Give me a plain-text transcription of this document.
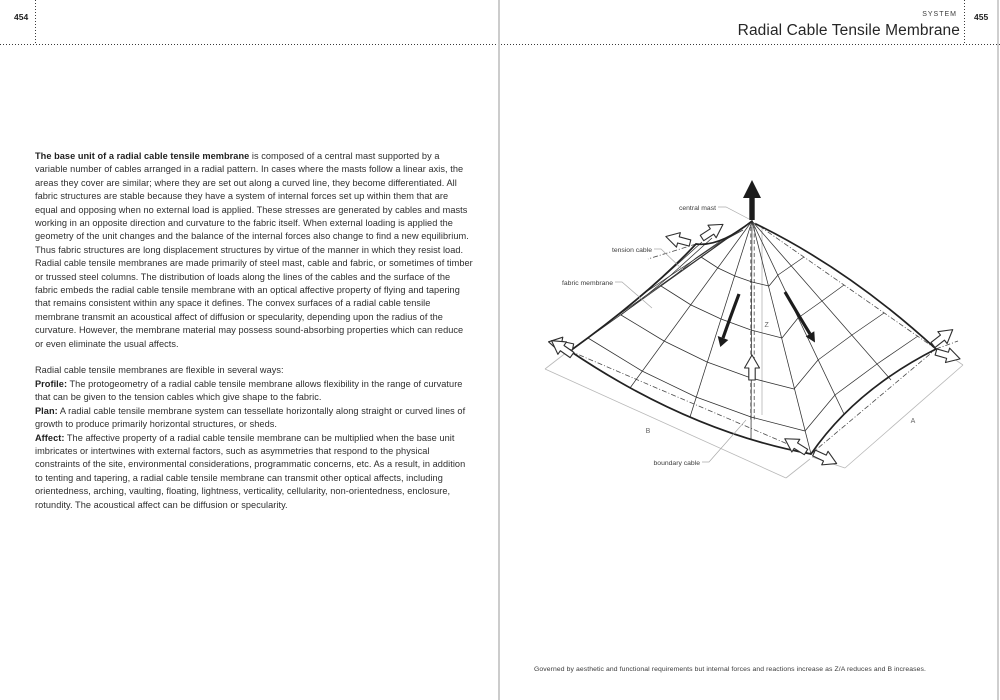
454	455
SYSTEM
Radial Cable Tensile Membrane

The base unit of a radial cable tensile membrane is composed of a central mast supported by a variable number of cables arranged in a radial pattern. In cases where the masts follow a linear axis, the areas they cover are similar; where they are set out along a curved line, they become differentiated. All fabric structures are stable because they have a system of internal forces set up within them that are equal and opposing when no external load is applied. These stresses are generated by cables and masts working in an opposite direction and curvature to the fabric itself. When external loading is applied the geometry of the unit changes and the balance of the internal forces also change to find a new equilibrium. Thus fabric structures are long displacement structures by virtue of the manner in which they resist load. Radial cable tensile membranes are made primarily of steel mast, cable and fabric, or sometimes of timber or trussed steel columns. The distribution of loads along the lines of the cables and the surface of the fabric embeds the radial cable tensile membrane with an optical affective property of flying and tapering that remains consistent within any space it defines. The convex surfaces of a radial cable tensile membrane transmit an acoustical affect of diffusion or specularity, depending upon the radius of the curvature. However, the membrane material may possess sound-absorbing properties which can reduce or even eliminate the usual affects.

Radial cable tensile membranes are flexible in several ways:

Profile: The protogeometry of a radial cable tensile membrane allows flexibility in the range of curvature that can be given to the tension cables which give shape to the fabric.
Plan: A radial cable tensile membrane system can tessellate horizontally along straight or curved lines of growth to produce primarily horizontal structures, or sheds.
Affect: The affective property of a radial cable tensile membrane can be multiplied when the base unit imbricates or intertwines with external factors, such as asymmetries that respond to the physical constraints of the site, environmental considerations, programmatic concerns, etc. As a result, in addition to tenting and tapering, a radial cable tensile membrane can transmit other optical affects, including orientedness, arching, vaulting, floating, lightness, verticality, cellularity, non-orientedness, enclosure, rotundity. The acoustical affect can be diffusion or specularity.
central mast
tension cable
fabric membrane
boundary cable
B
A
Z
Governed by aesthetic and functional requirements but internal forces and reactions increase as Z/A reduces and B increases.
